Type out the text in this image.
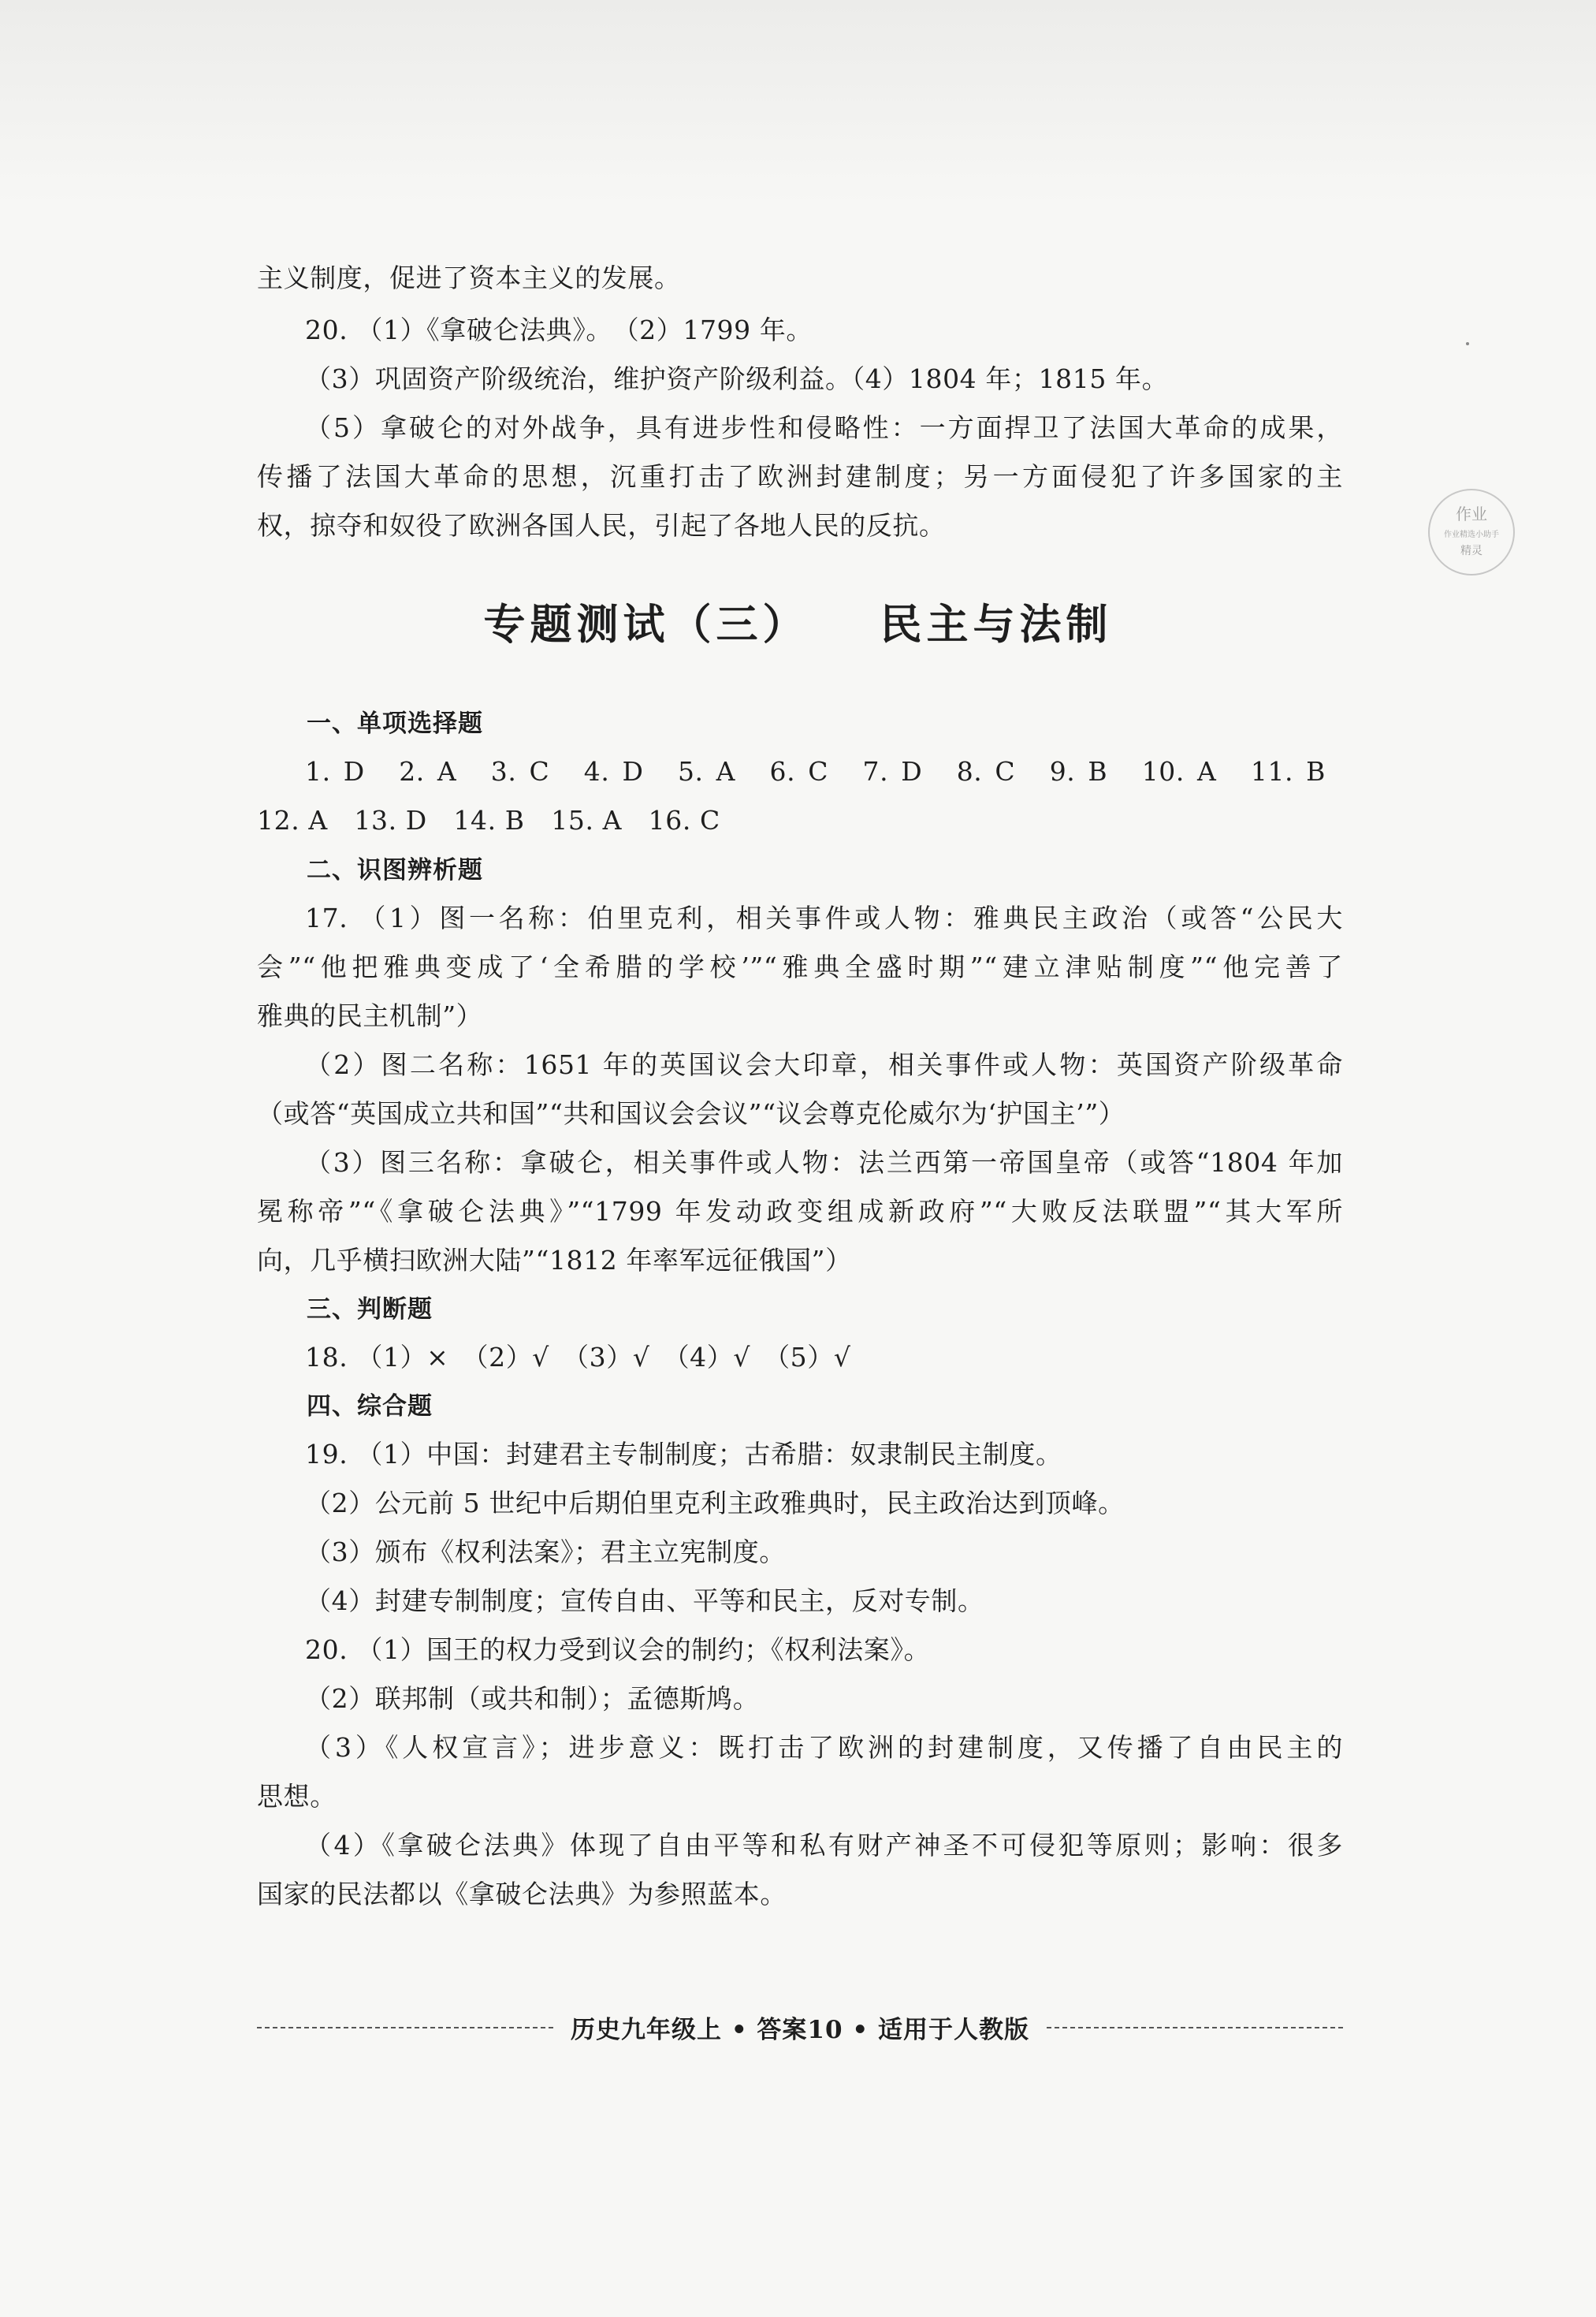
主义制度，促进了资本主义的发展。
20. （1）《拿破仑法典》。　（2）1799 年。
（3）巩固资产阶级统治，维护资产阶级利益。（4）1804 年；1815 年。
（5）拿破仑的对外战争，具有进步性和侵略性：一方面捍卫了法国大革命的成果，
传播了法国大革命的思想，沉重打击了欧洲封建制度；另一方面侵犯了许多国家的主
权，掠夺和奴役了欧洲各国人民，引起了各地人民的反抗。
专题测试（三） 民主与法制
一、单项选择题
1. D　2. A　3. C　4. D　5. A　6. C　7. D　8. C　9. B　10. A　11. B
12. A　13. D　14. B　15. A　16. C
二、识图辨析题
17. （1）图一名称：伯里克利，相关事件或人物：雅典民主政治（或答“公民大
会”“他把雅典变成了‘全希腊的学校’”“雅典全盛时期”“建立津贴制度”“他完善了
雅典的民主机制”）
（2）图二名称：1651 年的英国议会大印章，相关事件或人物：英国资产阶级革命
（或答“英国成立共和国”“共和国议会会议”“议会尊克伦威尔为‘护国主’”）
（3）图三名称：拿破仑，相关事件或人物：法兰西第一帝国皇帝（或答“1804 年加
冕称帝”“《拿破仑法典》”“1799 年发动政变组成新政府”“大败反法联盟”“其大军所
向，几乎横扫欧洲大陆”“1812 年率军远征俄国”）
三、判断题
18. （1）×　（2）√　（3）√　（4）√　（5）√
四、综合题
19. （1）中国：封建君主专制制度；古希腊：奴隶制民主制度。
（2）公元前 5 世纪中后期伯里克利主政雅典时，民主政治达到顶峰。
（3）颁布《权利法案》；君主立宪制度。
（4）封建专制制度；宣传自由、平等和民主，反对专制。
20. （1）国王的权力受到议会的制约；《权利法案》。
（2）联邦制（或共和制）；孟德斯鸠。
（3）《人权宣言》；进步意义：既打击了欧洲的封建制度，又传播了自由民主的
思想。
（4）《拿破仑法典》体现了自由平等和私有财产神圣不可侵犯等原则；影响：很多
国家的民法都以《拿破仑法典》为参照蓝本。
历史九年级上 • 答案10 • 适用于人教版
作业
作业精选小助手
精灵
